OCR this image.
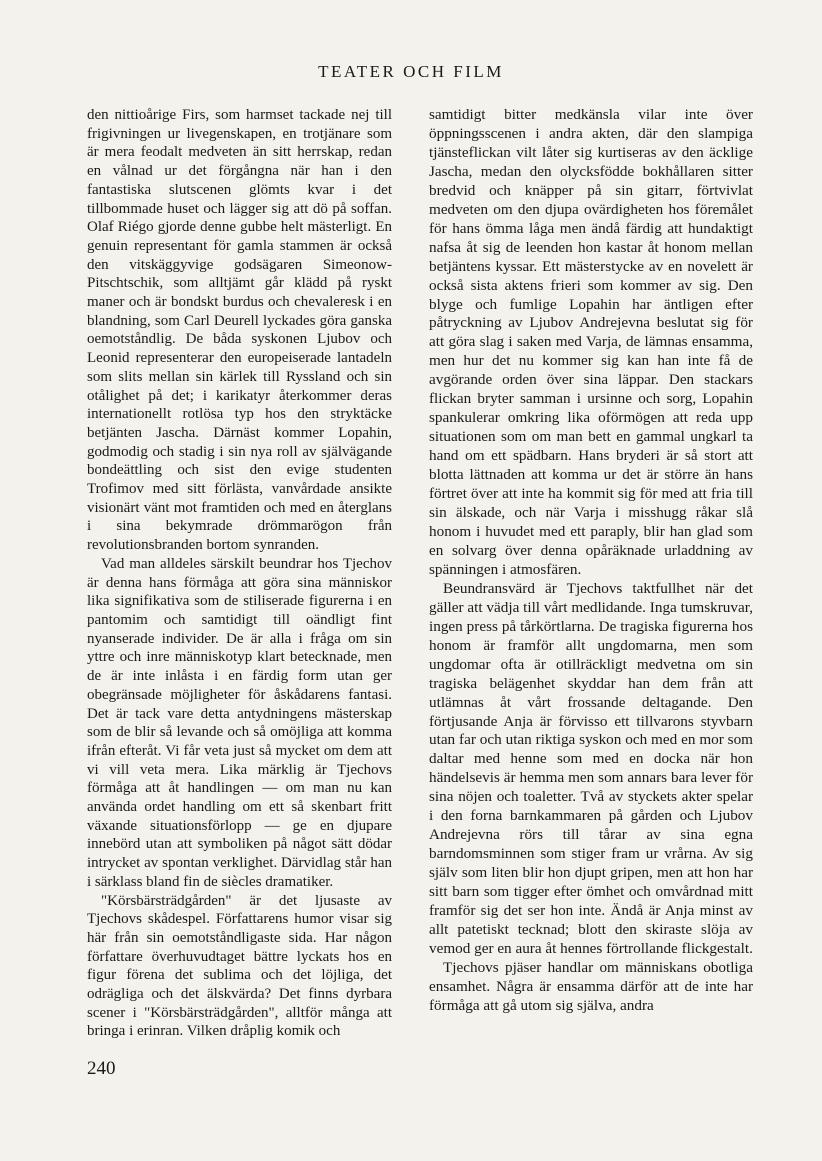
TEATER OCH FILM

den nittioårige Firs, som harmset tackade nej till frigivningen ur livegenskapen, en trotjänare som är mera feodalt medveten än sitt herrskap, redan en vålnad ur det förgångna när han i den fantastiska slutscenen glömts kvar i det tillbommade huset och lägger sig att dö på soffan. Olaf Riégo gjorde denne gubbe helt mästerligt. En genuin representant för gamla stammen är också den vitskäggyvige godsägaren Simeonow-Pitschtschik, som alltjämt går klädd på ryskt maner och är bondskt burdus och chevaleresk i en blandning, som Carl Deurell lyckades göra ganska oemotståndlig. De båda syskonen Ljubov och Leonid representerar den europeiserade lantadeln som slits mellan sin kärlek till Ryssland och sin otålighet på det; i karikatyr återkommer deras internationellt rotlösa typ hos den stryktäcke betjänten Jascha. Därnäst kommer Lopahin, godmodig och stadig i sin nya roll av självägande bondeättling och sist den evige studenten Trofimov med sitt förlästa, vanvårdade ansikte visionärt vänt mot framtiden och med en återglans i sina bekymrade drömmarögon från revolutionsbranden bortom synranden.

Vad man alldeles särskilt beundrar hos Tjechov är denna hans förmåga att göra sina människor lika signifikativa som de stiliserade figurerna i en pantomim och samtidigt till oändligt fint nyanserade individer. De är alla i fråga om sin yttre och inre människotyp klart betecknade, men de är inte inlåsta i en färdig form utan ger obegränsade möjligheter för åskådarens fantasi. Det är tack vare detta antydningens mästerskap som de blir så levande och så omöjliga att komma ifrån efteråt. Vi får veta just så mycket om dem att vi vill veta mera. Lika märklig är Tjechovs förmåga att åt handlingen — om man nu kan använda ordet handling om ett så skenbart fritt växande situationsförlopp — ge en djupare innebörd utan att symboliken på något sätt dödar intrycket av spontan verklighet. Därvidlag står han i särklass bland fin de siècles dramatiker.

"Körsbärsträdgården" är det ljusaste av Tjechovs skådespel. Författarens humor visar sig här från sin oemotståndligaste sida. Har någon författare överhuvudtaget bättre lyckats hos en figur förena det sublima och det löjliga, det odrägliga och det älskvärda? Det finns dyrbara scener i "Körsbärsträdgården", alltför många att bringa i erinran. Vilken dråplig komik och

samtidigt bitter medkänsla vilar inte över öppningsscenen i andra akten, där den slampiga tjänsteflickan vilt låter sig kurtiseras av den äcklige Jascha, medan den olycksfödde bokhållaren sitter bredvid och knäpper på sin gitarr, förtvivlat medveten om den djupa ovärdigheten hos föremålet för hans ömma låga men ändå färdig att hundaktigt nafsa åt sig de leenden hon kastar åt honom mellan betjäntens kyssar. Ett mästerstycke av en novelett är också sista aktens frieri som kommer av sig. Den blyge och fumlige Lopahin har äntligen efter påtryckning av Ljubov Andrejevna beslutat sig för att göra slag i saken med Varja, de lämnas ensamma, men hur det nu kommer sig kan han inte få de avgörande orden över sina läppar. Den stackars flickan bryter samman i ursinne och sorg, Lopahin spankulerar omkring lika oförmögen att reda upp situationen som om man bett en gammal ungkarl ta hand om ett spädbarn. Hans bryderi är så stort att blotta lättnaden att komma ur det är större än hans förtret över att inte ha kommit sig för med att fria till sin älskade, och när Varja i misshugg råkar slå honom i huvudet med ett paraply, blir han glad som en solvarg över denna opåräknade urladdning av spänningen i atmosfären.

Beundransvärd är Tjechovs taktfullhet när det gäller att vädja till vårt medlidande. Inga tumskruvar, ingen press på tårkörtlarna. De tragiska figurerna hos honom är framför allt ungdomarna, men som ungdomar ofta är otillräckligt medvetna om sin tragiska belägenhet skyddar han dem från att utlämnas åt vårt frossande deltagande. Den förtjusande Anja är förvisso ett tillvarons styvbarn utan far och utan riktiga syskon och med en mor som daltar med henne som med en docka när hon händelsevis är hemma men som annars bara lever för sina nöjen och toaletter. Två av styckets akter spelar i den forna barnkammaren på gården och Ljubov Andrejevna rörs till tårar av sina egna barndomsminnen som stiger fram ur vrårna. Av sig själv som liten blir hon djupt gripen, men att hon har sitt barn som tigger efter ömhet och omvårdnad mitt framför sig det ser hon inte. Ändå är Anja minst av allt patetiskt tecknad; blott den skiraste slöja av vemod ger en aura åt hennes förtrollande flickgestalt.

Tjechovs pjäser handlar om människans obotliga ensamhet. Några är ensamma därför att de inte har förmåga att gå utom sig själva, andra

240
